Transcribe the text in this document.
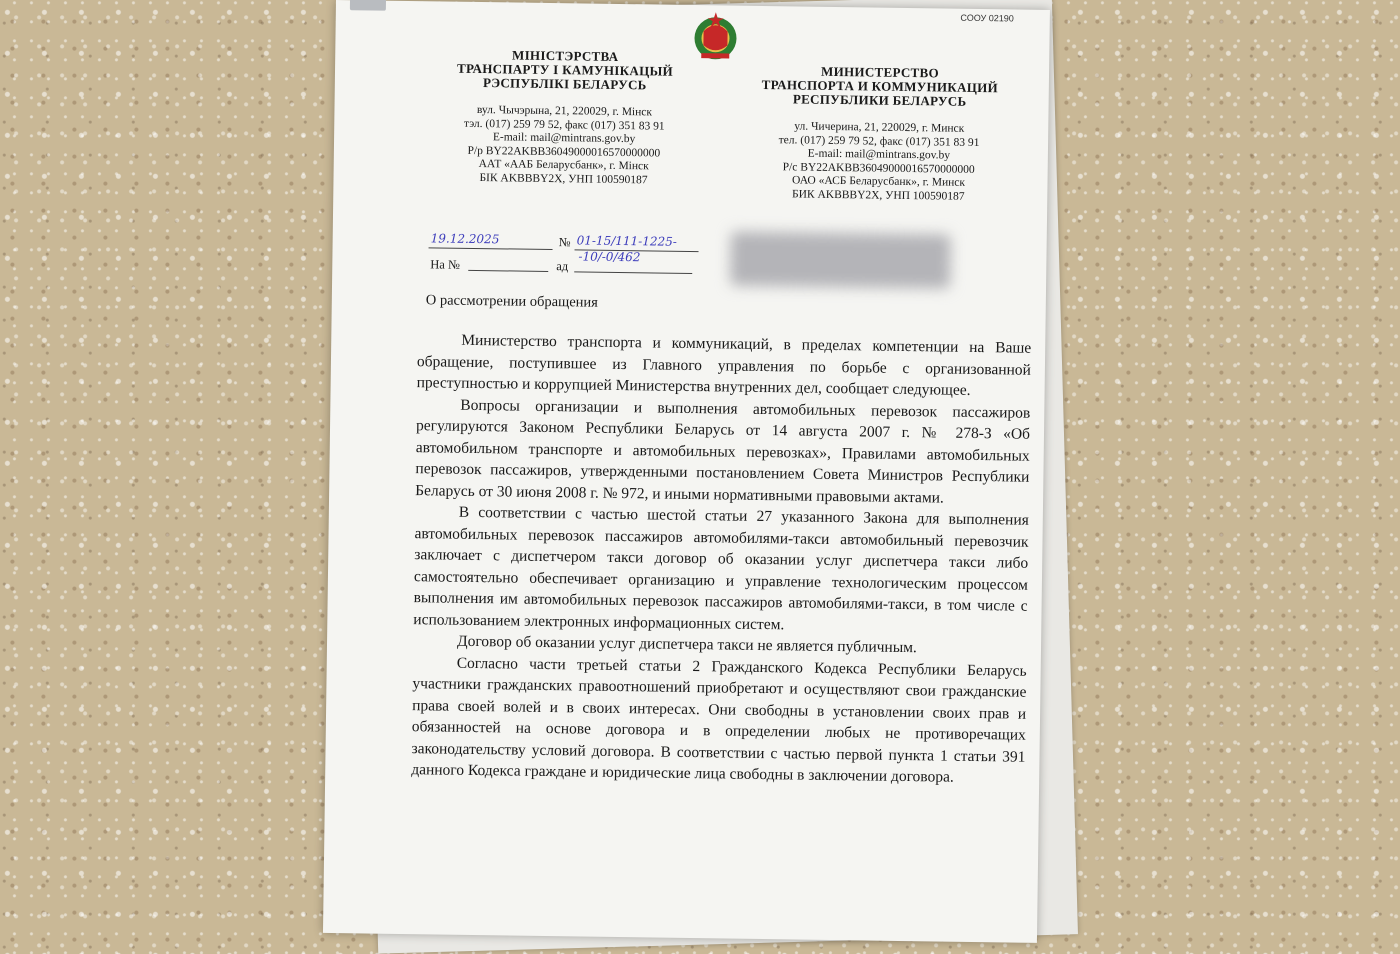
СООУ 02190
МІНІСТЭРСТВА
ТРАНСПАРТУ І КАМУНІКАЦЫЙ
РЭСПУБЛІКІ БЕЛАРУСЬ
вул. Чычэрына, 21, 220029, г. Мінск
тэл. (017) 259 79 52, факс (017) 351 83 91
E-mail: mail@mintrans.gov.by
Р/р BY22AKBB36049000016570000000
ААТ «ААБ Беларусбанк», г. Мінск
БІК AKBBBY2X, УНП 100590187
МИНИСТЕРСТВО
ТРАНСПОРТА И КОММУНИКАЦИЙ
РЕСПУБЛИКИ БЕЛАРУСЬ
ул. Чичерина, 21, 220029, г. Минск
тел. (017) 259 79 52, факс (017) 351 83 91
E-mail: mail@mintrans.gov.by
Р/с BY22AKBB36049000016570000000
ОАО «АСБ Беларусбанк», г. Минск
БИК AKBBBY2X, УНП 100590187
19.12.2025	№ 01-15/111-1225-
На №	ад
-10/-0/462
О рассмотрении обращения

Министерство транспорта и коммуникаций, в пределах компетенции на Ваше обращение, поступившее из Главного управления по борьбе с организованной преступностью и коррупцией Министерства внутренних дел, сообщает следующее.

Вопросы организации и выполнения автомобильных перевозок пассажиров регулируются Законом Республики Беларусь от 14 августа 2007 г. № 278-З «Об автомобильном транспорте и автомобильных перевозках», Правилами автомобильных перевозок пассажиров, утвержденными постановлением Совета Министров Республики Беларусь от 30 июня 2008 г. № 972, и иными нормативными правовыми актами.

В соответствии с частью шестой статьи 27 указанного Закона для выполнения автомобильных перевозок пассажиров автомобилями-такси автомобильный перевозчик заключает с диспетчером такси договор об оказании услуг диспетчера такси либо самостоятельно обеспечивает организацию и управление технологическим процессом выполнения им автомобильных перевозок пассажиров автомобилями-такси, в том числе с использованием электронных информационных систем.

Договор об оказании услуг диспетчера такси не является публичным.

Согласно части третьей статьи 2 Гражданского Кодекса Республики Беларусь участники гражданских правоотношений приобретают и осуществляют свои гражданские права своей волей и в своих интересах. Они свободны в установлении своих прав и обязанностей на основе договора и в определении любых не противоречащих законодательству условий договора. В соответствии с частью первой пункта 1 статьи 391 данного Кодекса граждане и юридические лица свободны в заключении договора.
